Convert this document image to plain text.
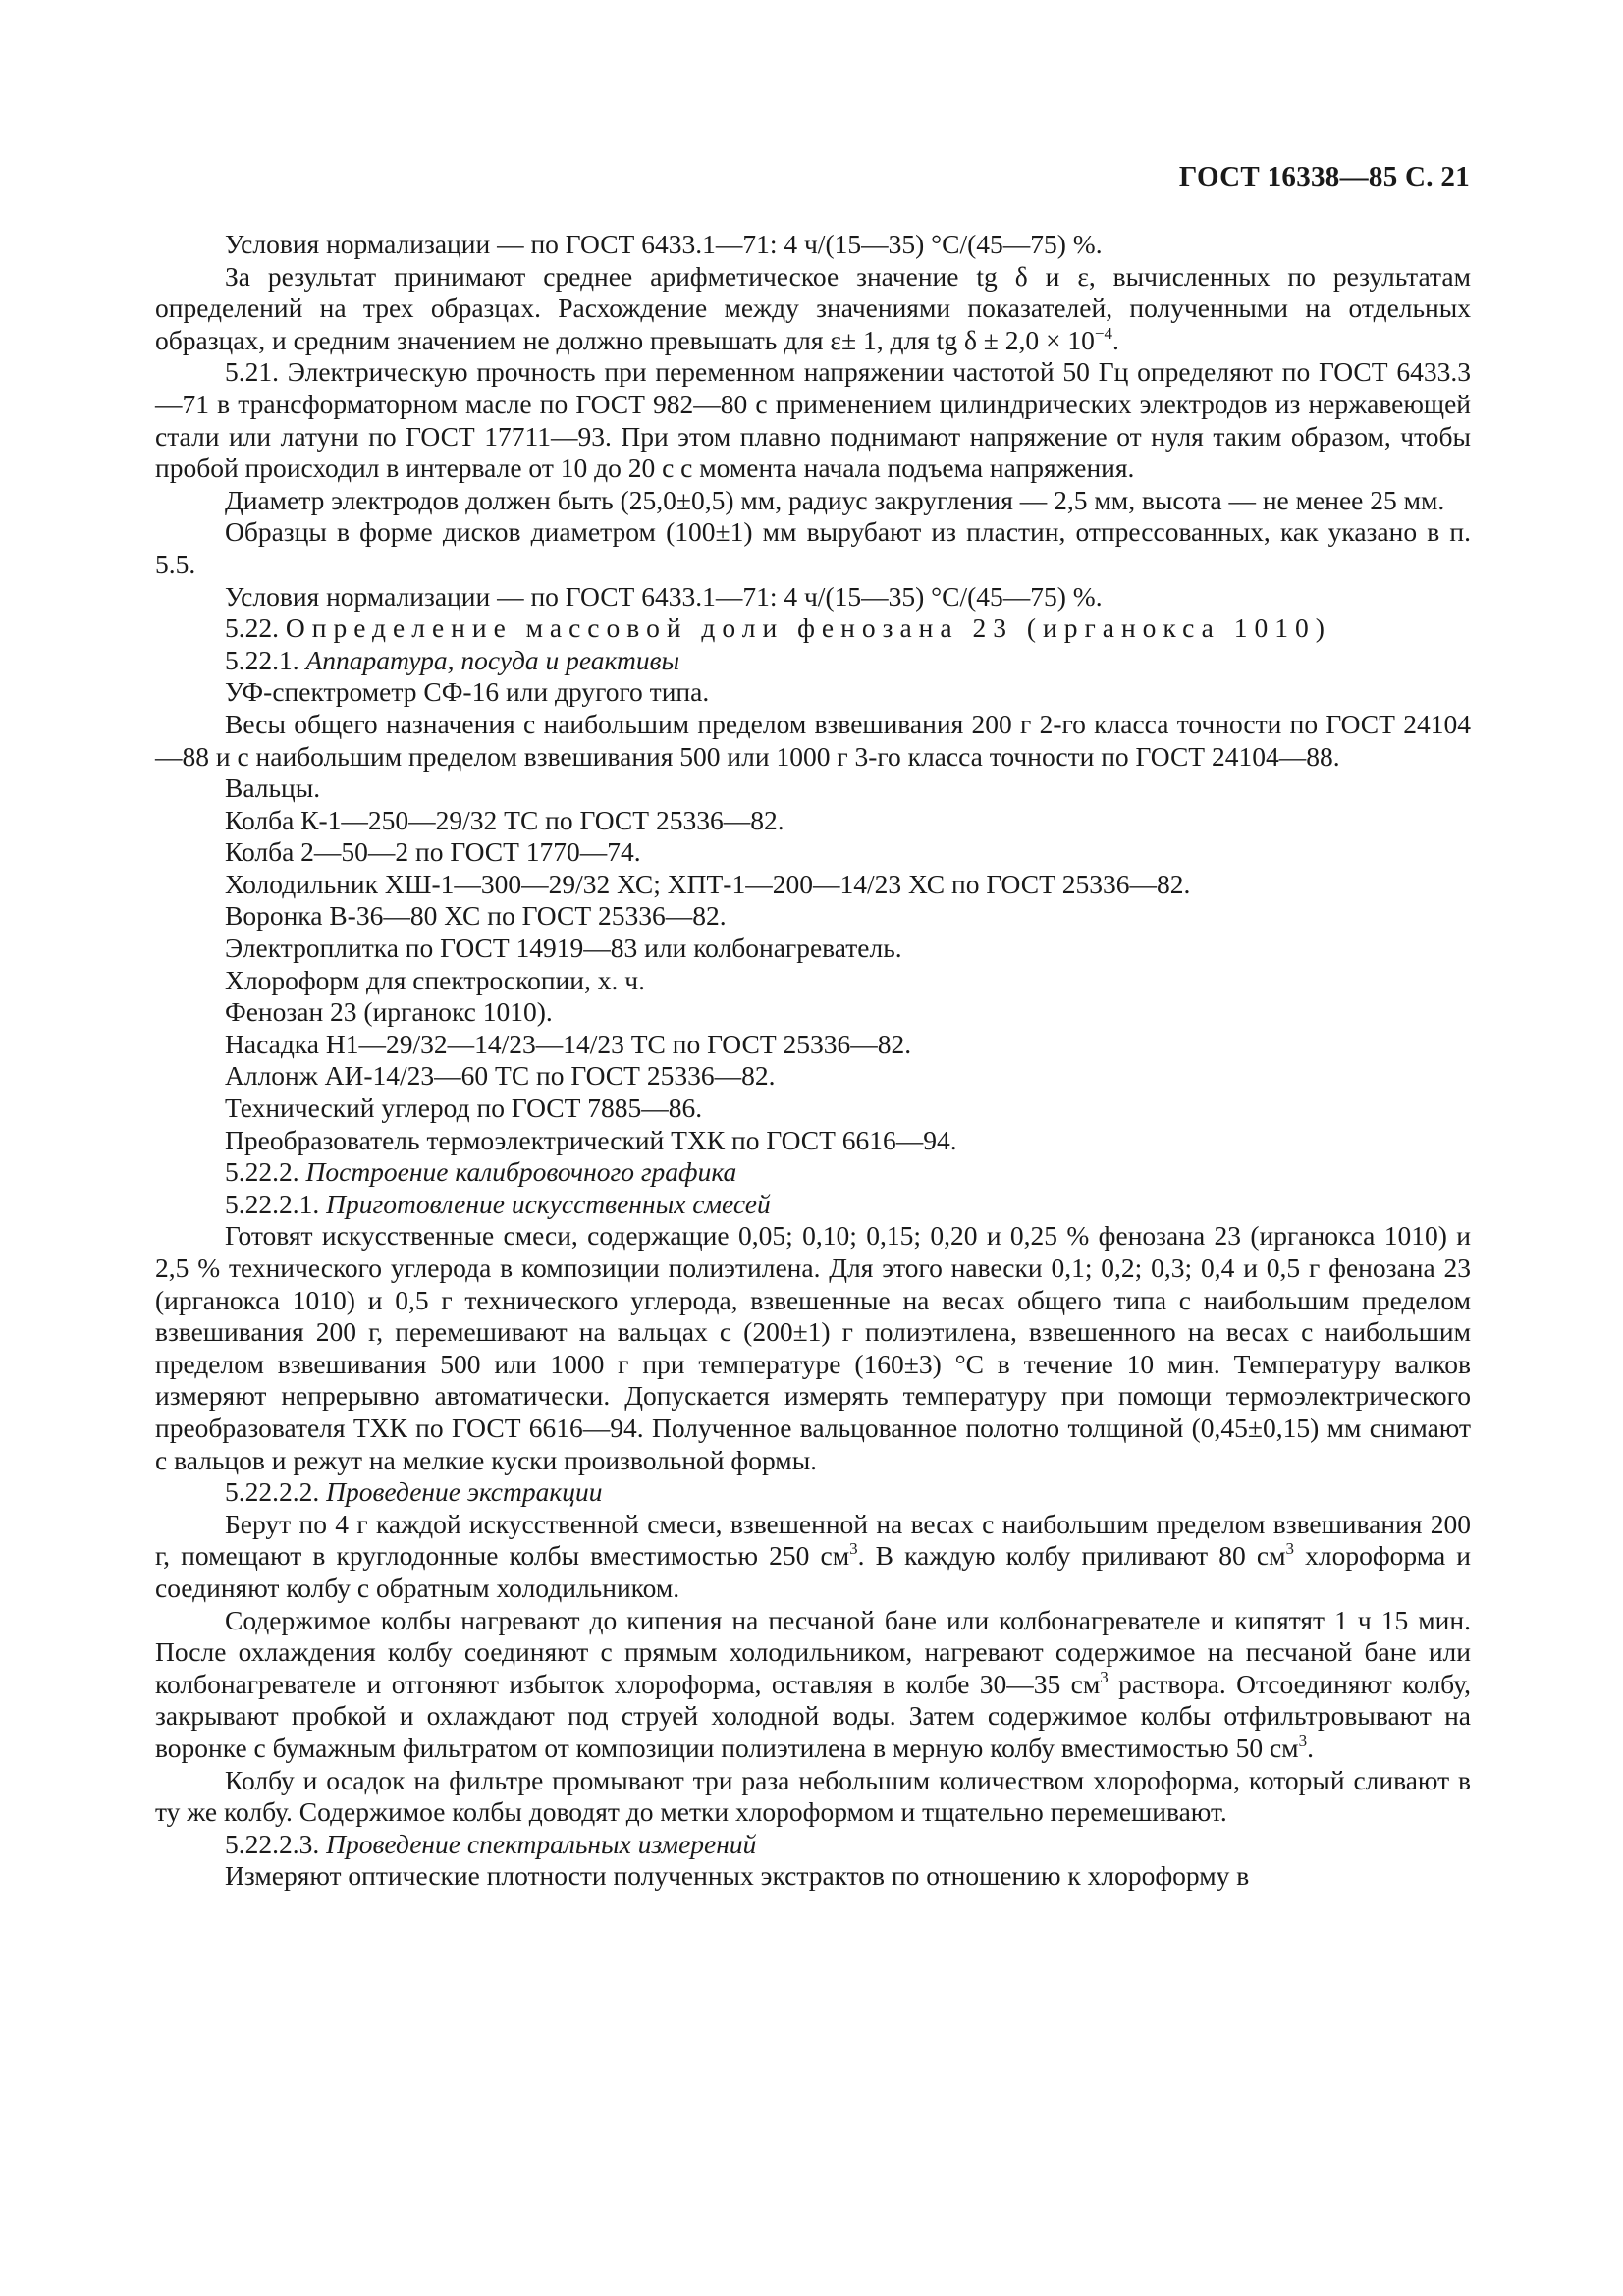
ГОСТ 16338—85 С. 21

Условия нормализации — по ГОСТ 6433.1—71: 4 ч/(15—35) °С/(45—75) %.

За результат принимают среднее арифметическое значение tg δ и ε, вычисленных по результатам определений на трех образцах. Расхождение между значениями показателей, полученными на отдельных образцах, и средним значением не должно превышать для ε± 1, для tg $\delta \pm 2,0 \times 10^{-4}$.

5.21. Электрическую прочность при переменном напряжении частотой 50 Гц определяют по ГОСТ 6433.3—71 в трансформаторном масле по ГОСТ 982—80 с применением цилиндрических электродов из нержавеющей стали или латуни по ГОСТ 17711—93. При этом плавно поднимают напряжение от нуля таким образом, чтобы пробой происходил в интервале от 10 до 20 с с момента начала подъема напряжения.

Диаметр электродов должен быть (25,0±0,5) мм, радиус закругления — 2,5 мм, высота — не менее 25 мм.

Образцы в форме дисков диаметром (100±1) мм вырубают из пластин, отпрессованных, как указано в п. 5.5.

Условия нормализации — по ГОСТ 6433.1—71: 4 ч/(15—35) °С/(45—75) %.

5.22. Определение массовой доли фенозана 23 (ирганокса 1010)

5.22.1. Аппаратура, посуда и реактивы

УФ-спектрометр СФ-16 или другого типа.

Весы общего назначения с наибольшим пределом взвешивания 200 г 2-го класса точности по ГОСТ 24104—88 и с наибольшим пределом взвешивания 500 или 1000 г 3-го класса точности по ГОСТ 24104—88.

Вальцы.

Колба К-1—250—29/32 ТС по ГОСТ 25336—82.

Колба 2—50—2 по ГОСТ 1770—74.

Холодильник ХШ-1—300—29/32 ХС; ХПТ-1—200—14/23 ХС по ГОСТ 25336—82.

Воронка В-36—80 ХС по ГОСТ 25336—82.

Электроплитка по ГОСТ 14919—83 или колбонагреватель.

Хлороформ для спектроскопии, х. ч.

Фенозан 23 (ирганокс 1010).

Насадка Н1—29/32—14/23—14/23 ТС по ГОСТ 25336—82.

Аллонж АИ-14/23—60 ТС по ГОСТ 25336—82.

Технический углерод по ГОСТ 7885—86.

Преобразователь термоэлектрический ТХК по ГОСТ 6616—94.

5.22.2. Построение калибровочного графика

5.22.2.1. Приготовление искусственных смесей

Готовят искусственные смеси, содержащие 0,05; 0,10; 0,15; 0,20 и 0,25 % фенозана 23 (ирганокса 1010) и 2,5 % технического углерода в композиции полиэтилена. Для этого навески 0,1; 0,2; 0,3; 0,4 и 0,5 г фенозана 23 (ирганокса 1010) и 0,5 г технического углерода, взвешенные на весах общего типа с наибольшим пределом взвешивания 200 г, перемешивают на вальцах с (200±1) г полиэтилена, взвешенного на весах с наибольшим пределом взвешивания 500 или 1000 г при температуре (160±3) °С в течение 10 мин. Температуру валков измеряют непрерывно автоматически. Допускается измерять температуру при помощи термоэлектрического преобразователя ТХК по ГОСТ 6616—94. Полученное вальцованное полотно толщиной (0,45±0,15) мм снимают с вальцов и режут на мелкие куски произвольной формы.

5.22.2.2. Проведение экстракции

Берут по 4 г каждой искусственной смеси, взвешенной на весах с наибольшим пределом взвешивания 200 г, помещают в круглодонные колбы вместимостью 250 $см^3$. В каждую колбу приливают 80 $см^3$ хлороформа и соединяют колбу с обратным холодильником.

Содержимое колбы нагревают до кипения на песчаной бане или колбонагревателе и кипятят 1 ч 15 мин. После охлаждения колбу соединяют с прямым холодильником, нагревают содержимое на песчаной бане или колбонагревателе и отгоняют избыток хлороформа, оставляя в колбе 30—35 $см^3$ раствора. Отсоединяют колбу, закрывают пробкой и охлаждают под струей холодной воды. Затем содержимое колбы отфильтровывают на воронке с бумажным фильтратом от композиции полиэтилена в мерную колбу вместимостью 50 $см^3$.

Колбу и осадок на фильтре промывают три раза небольшим количеством хлороформа, который сливают в ту же колбу. Содержимое колбы доводят до метки хлороформом и тщательно перемешивают.

5.22.2.3. Проведение спектральных измерений

Измеряют оптические плотности полученных экстрактов по отношению к хлороформу в
